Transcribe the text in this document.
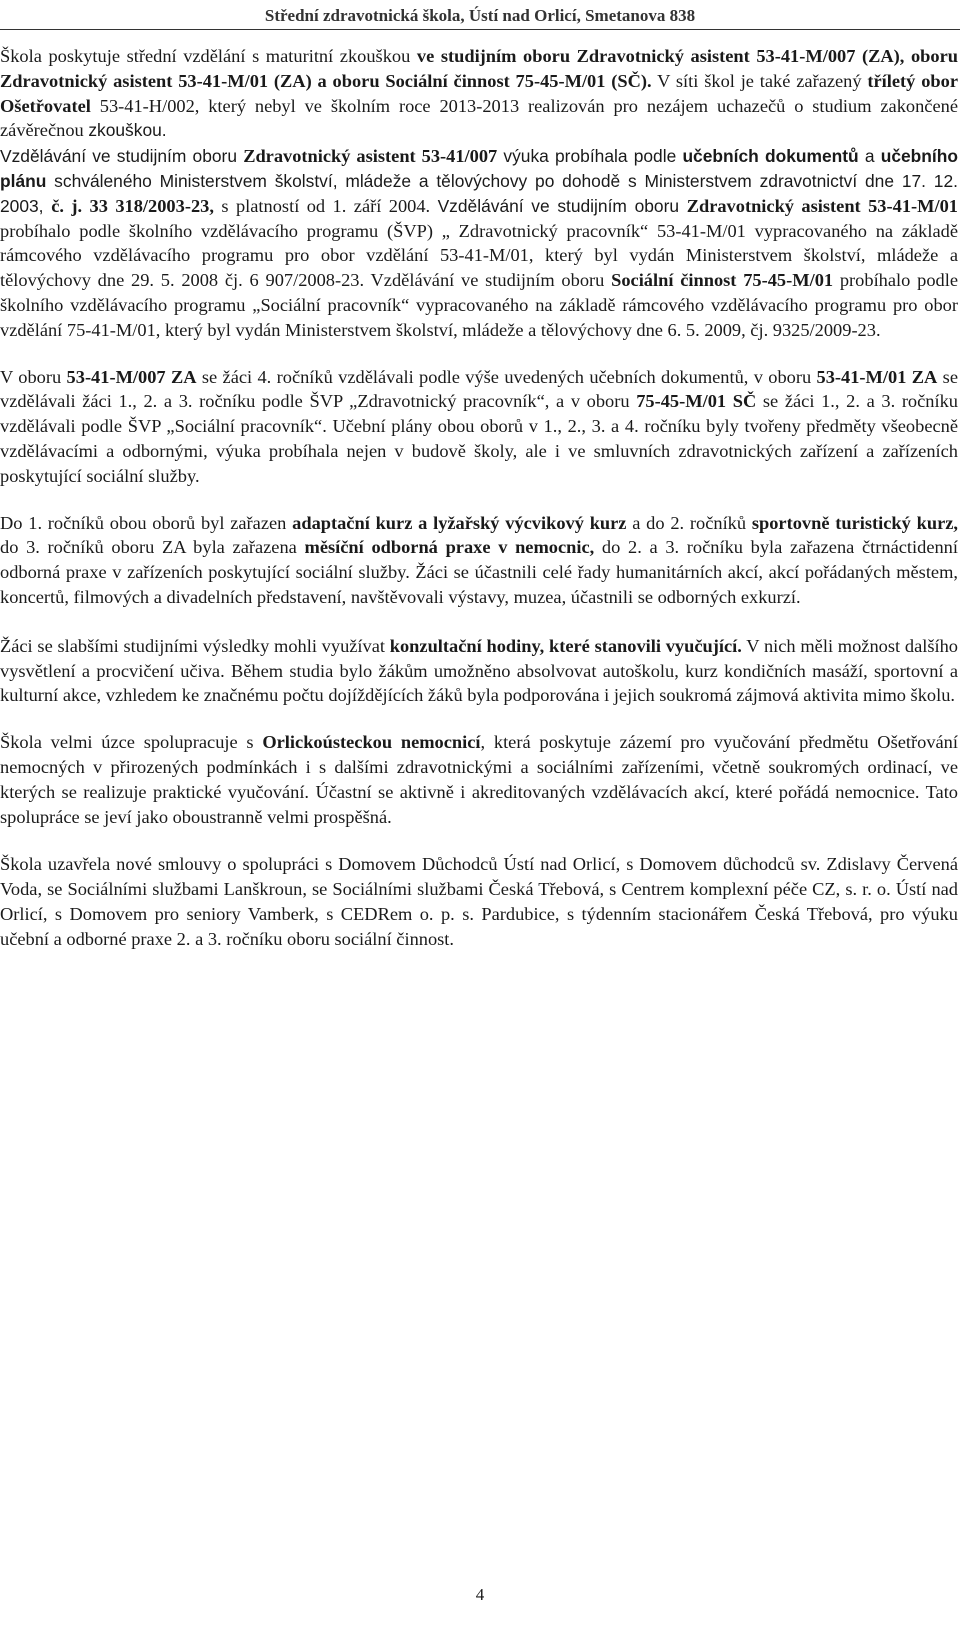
Střední zdravotnická škola, Ústí nad Orlicí, Smetanova 838

Škola poskytuje střední vzdělání s maturitní zkouškou ve studijním oboru Zdravotnický asistent 53-41-M/007 (ZA), oboru Zdravotnický asistent 53-41-M/01 (ZA) a oboru Sociální činnost 75-45-M/01 (SČ). V síti škol je také zařazený tříletý obor Ošetřovatel 53-41-H/002, který nebyl ve školním roce 2013-2013 realizován pro nezájem uchazečů o studium zakončené závěrečnou zkouškou.

Vzdělávání ve studijním oboru Zdravotnický asistent 53-41/007 výuka probíhala podle učebních dokumentů a učebního plánu schváleného Ministerstvem školství, mládeže a tělovýchovy po dohodě s Ministerstvem zdravotnictví dne 17. 12. 2003, č. j. 33 318/2003-23, s platností od 1. září 2004. Vzdělávání ve studijním oboru Zdravotnický asistent 53-41-M/01 probíhalo podle školního vzdělávacího programu (ŠVP) „ Zdravotnický pracovník“ 53-41-M/01 vypracovaného na základě rámcového vzdělávacího programu pro obor vzdělání 53-41-M/01, který byl vydán Ministerstvem školství, mládeže a tělovýchovy dne 29. 5. 2008 čj. 6 907/2008-23. Vzdělávání ve studijním oboru Sociální činnost 75-45-M/01 probíhalo podle školního vzdělávacího programu „Sociální pracovník“ vypracovaného na základě rámcového vzdělávacího programu pro obor vzdělání 75-41-M/01, který byl vydán Ministerstvem školství, mládeže a tělovýchovy dne 6. 5. 2009, čj. 9325/2009-23.

V oboru 53-41-M/007 ZA se žáci 4. ročníků vzdělávali podle výše uvedených učebních dokumentů, v oboru 53-41-M/01 ZA se vzdělávali žáci 1., 2. a 3. ročníku podle ŠVP „Zdravotnický pracovník“, a v oboru 75-45-M/01 SČ se žáci 1., 2. a 3. ročníku vzdělávali podle ŠVP „Sociální pracovník“. Učební plány obou oborů v 1., 2., 3. a 4. ročníku byly tvořeny předměty všeobecně vzdělávacími a odbornými, výuka probíhala nejen v budově školy, ale i ve smluvních zdravotnických zařízení a zařízeních poskytující sociální služby.

Do 1. ročníků obou oborů byl zařazen adaptační kurz a lyžařský výcvikový kurz a do 2. ročníků sportovně turistický kurz, do 3. ročníků oboru ZA byla zařazena měsíční odborná praxe v nemocnic, do 2. a 3. ročníku byla zařazena čtrnáctidenní odborná praxe v zařízeních poskytující sociální služby. Žáci se účastnili celé řady humanitárních akcí, akcí pořádaných městem, koncertů, filmových a divadelních představení, navštěvovali výstavy, muzea, účastnili se odborných exkurzí.

Žáci se slabšími studijními výsledky mohli využívat konzultační hodiny, které stanovili vyučující. V nich měli možnost dalšího vysvětlení a procvičení učiva. Během studia bylo žákům umožněno absolvovat autoškolu, kurz kondičních masáží, sportovní a kulturní akce, vzhledem ke značnému počtu dojíždějících žáků byla podporována i jejich soukromá zájmová aktivita mimo školu.

Škola velmi úzce spolupracuje s Orlickoústeckou nemocnicí, která poskytuje zázemí pro vyučování předmětu Ošetřování nemocných v přirozených podmínkách i s dalšími zdravotnickými a sociálními zařízeními, včetně soukromých ordinací, ve kterých se realizuje praktické vyučování. Účastní se aktivně i akreditovaných vzdělávacích akcí, které pořádá nemocnice. Tato spolupráce se jeví jako oboustranně velmi prospěšná.

Škola uzavřela nové smlouvy o spolupráci s Domovem Důchodců Ústí nad Orlicí, s Domovem důchodců sv. Zdislavy Červená Voda, se Sociálními službami Lanškroun, se Sociálními službami Česká Třebová, s Centrem komplexní péče CZ, s. r. o. Ústí nad Orlicí, s Domovem pro seniory Vamberk, s CEDRem o. p. s. Pardubice, s týdenním stacionářem Česká Třebová, pro výuku učební a odborné praxe 2. a 3. ročníku oboru sociální činnost.

4
